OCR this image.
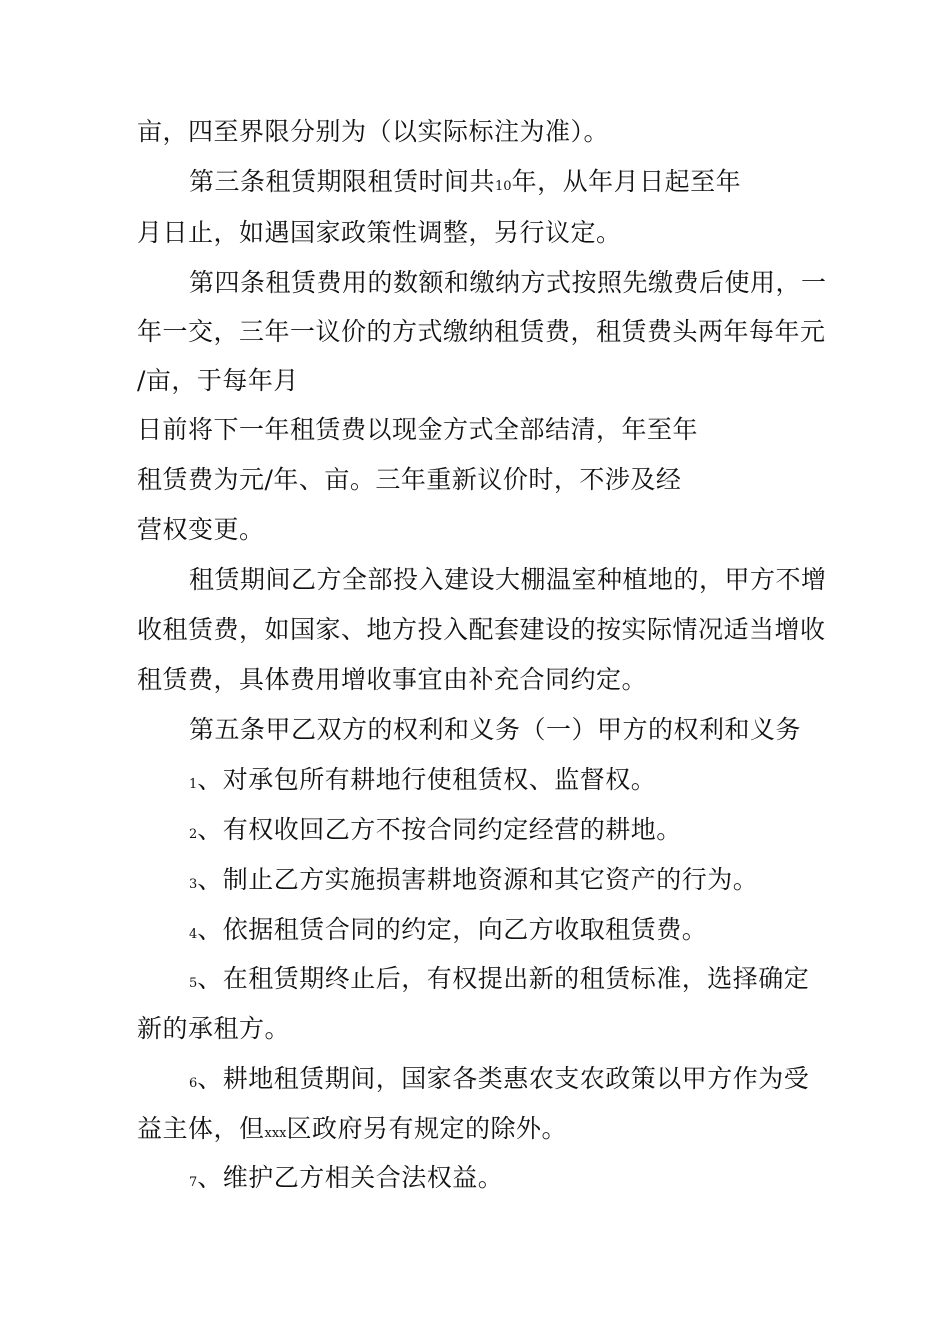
亩，四至界限分别为（以实际标注为准）。
第三条租赁期限租赁时间共10年，从年月日起至年
月日止，如遇国家政策性调整，另行议定。
第四条租赁费用的数额和缴纳方式按照先缴费后使用，一
年一交，三年一议价的方式缴纳租赁费，租赁费头两年每年元
/亩，于每年月
日前将下一年租赁费以现金方式全部结清，年至年
租赁费为元/年、亩。三年重新议价时，不涉及经
营权变更。
租赁期间乙方全部投入建设大棚温室种植地的，甲方不增
收租赁费，如国家、地方投入配套建设的按实际情况适当增收
租赁费，具体费用增收事宜由补充合同约定。
第五条甲乙双方的权利和义务（一）甲方的权利和义务
1、对承包所有耕地行使租赁权、监督权。
2、有权收回乙方不按合同约定经营的耕地。
3、制止乙方实施损害耕地资源和其它资产的行为。
4、依据租赁合同的约定，向乙方收取租赁费。
5、在租赁期终止后，有权提出新的租赁标准，选择确定
新的承租方。
6、耕地租赁期间，国家各类惠农支农政策以甲方作为受
益主体，但xxx区政府另有规定的除外。
7、维护乙方相关合法权益。
